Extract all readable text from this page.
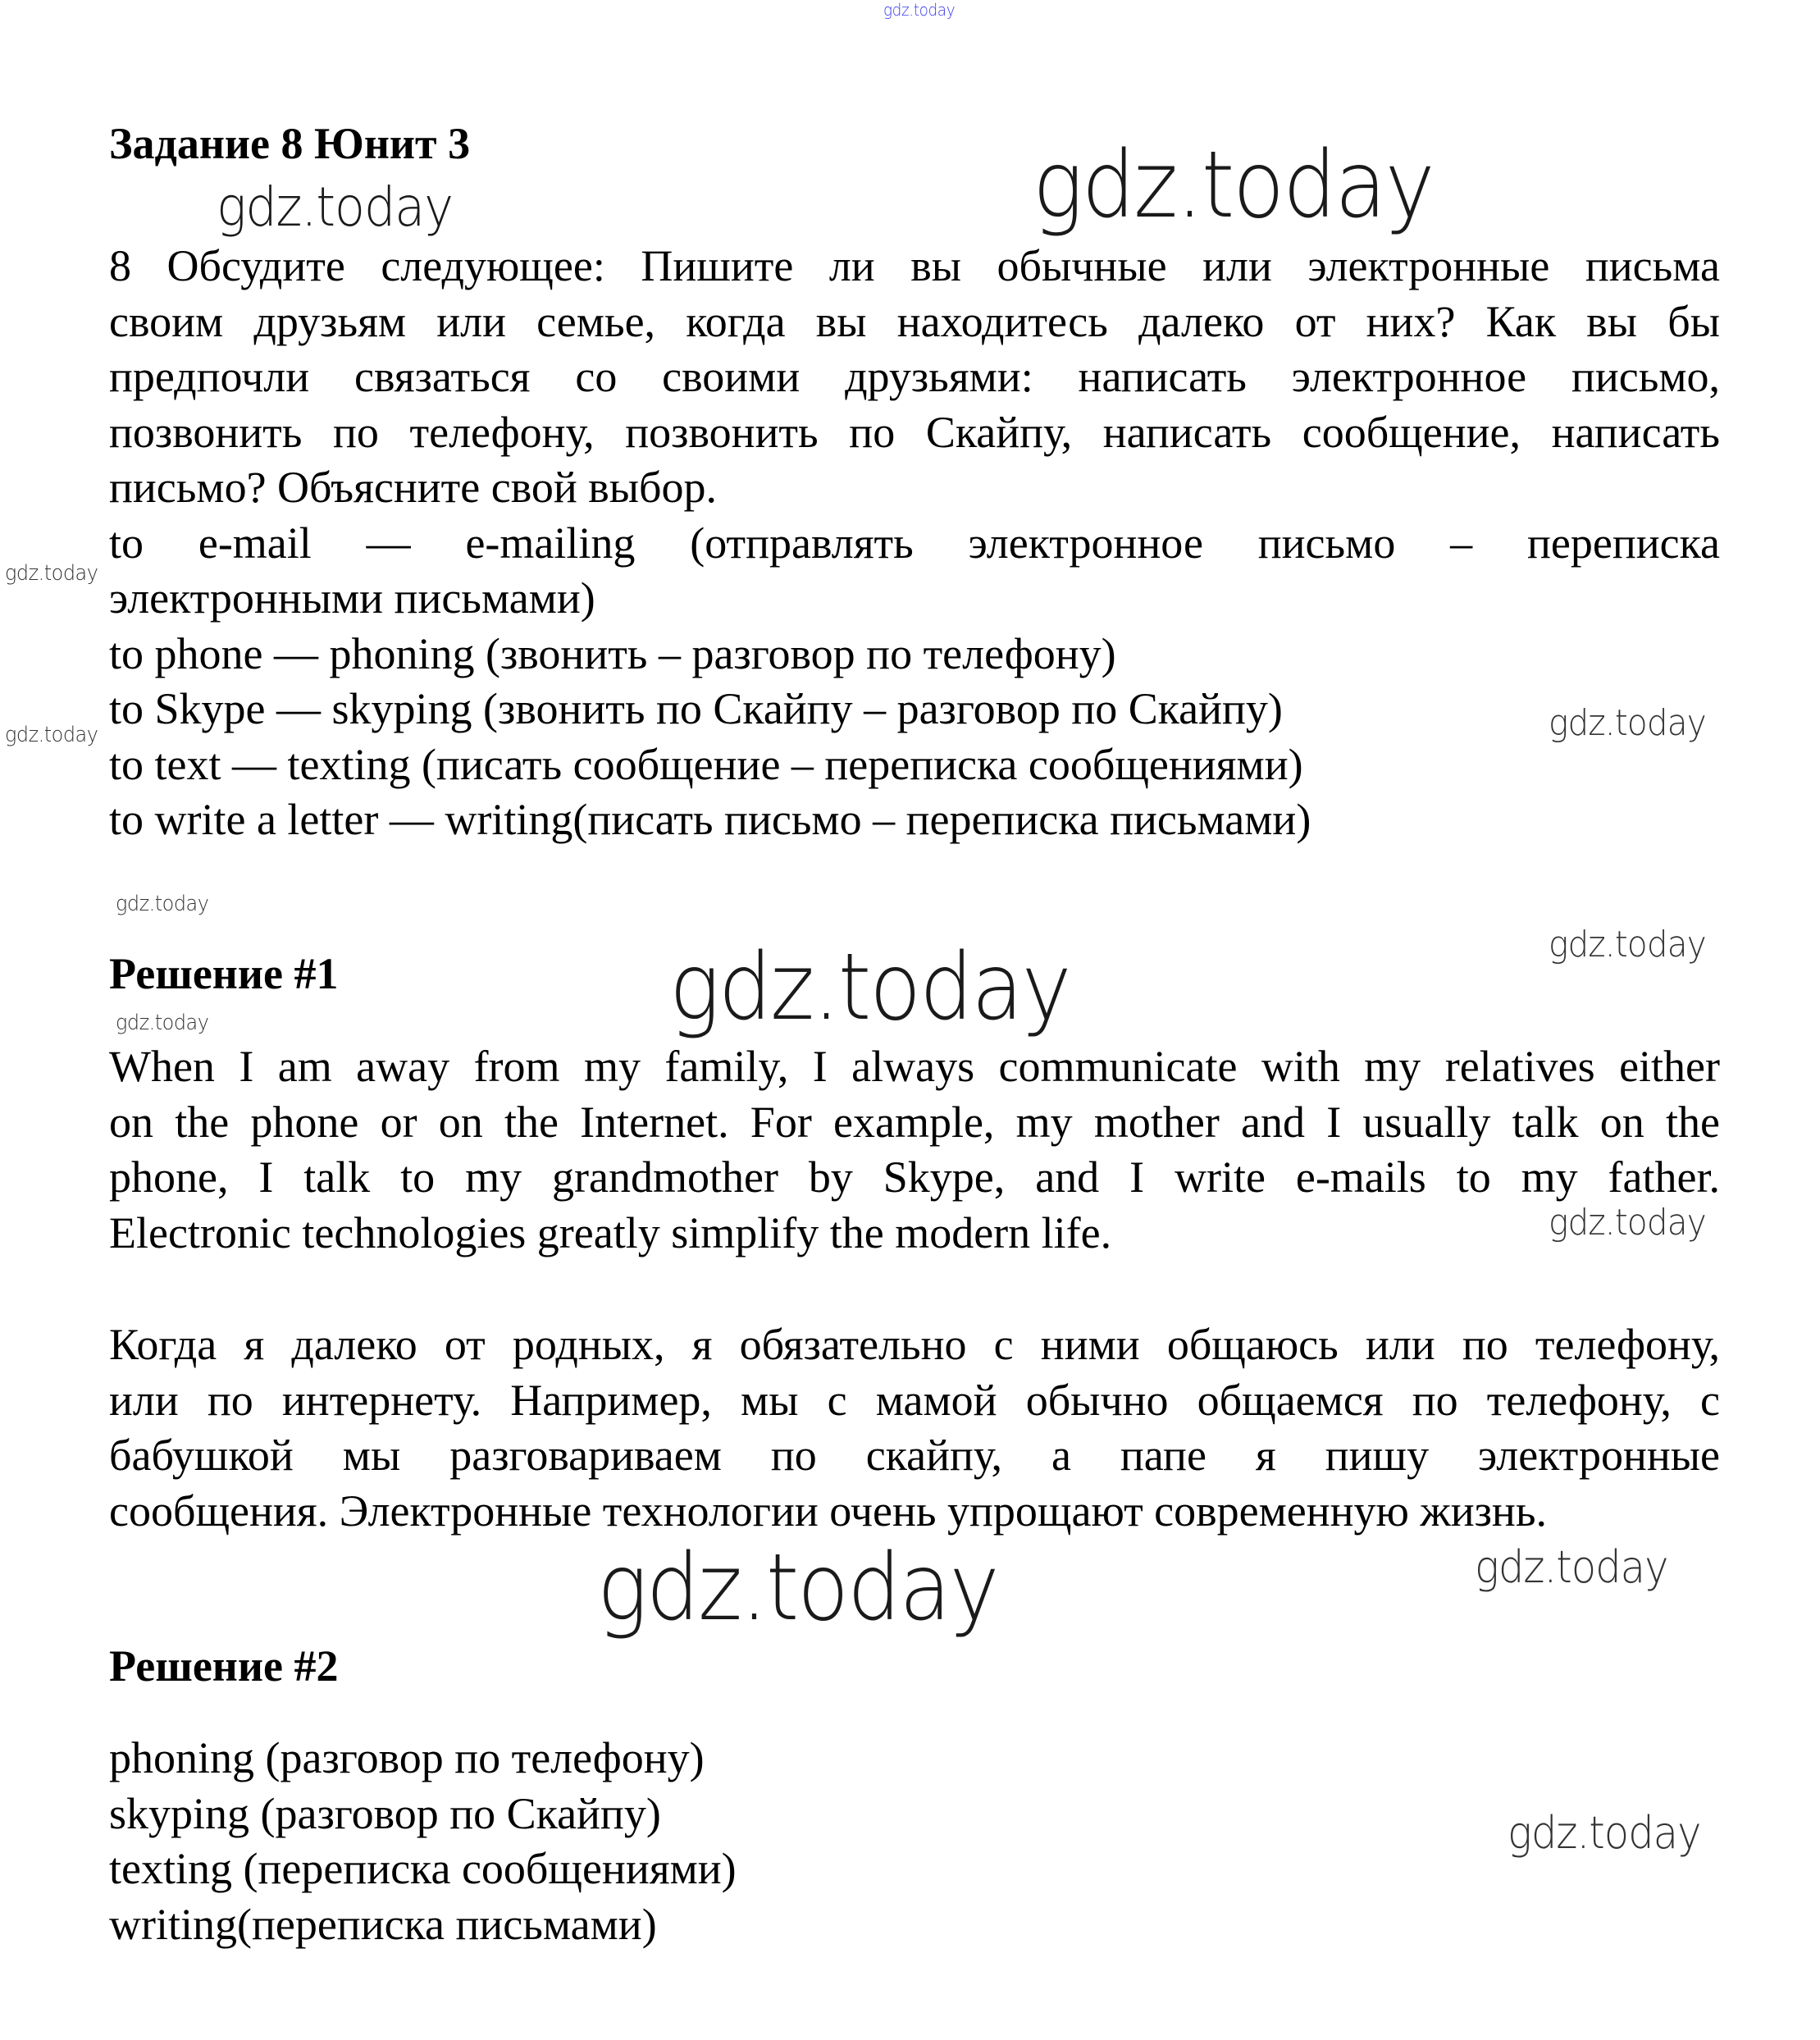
gdz.today
gdz.today	gdz.today
gdz.today
gdz.today
gdz.today
gdz.today
gdz.today
gdz.today
gdz.today
gdz.today
gdz.today	gdz.today
gdz.today
Задание 8 Юнит 3
8 Обсудите следующее: Пишите ли вы обычные или электронные письма
своим друзьям или семье, когда вы находитесь далеко от них? Как вы бы
предпочли связаться со своими друзьями: написать электронное письмо,
позвонить по телефону, позвонить по Скайпу, написать сообщение, написать
письмо? Объясните свой выбор.
to e-mail — e-mailing (отправлять электронное письмо – переписка
электронными письмами)
to phone — phoning (звонить – разговор по телефону)
to Skype — skyping (звонить по Скайпу – разговор по Скайпу)
to text — texting (писать сообщение – переписка сообщениями)
to write a letter — writing(писать письмо – переписка письмами)
Решение #1
When I am away from my family, I always communicate with my relatives either
on the phone or on the Internet. For example, my mother and I usually talk on the
phone, I talk to my grandmother by Skype, and I write e-mails to my father.
Electronic technologies greatly simplify the modern life.
Когда я далеко от родных, я обязательно с ними общаюсь или по телефону,
или по интернету. Например, мы с мамой обычно общаемся по телефону, с
бабушкой мы разговариваем по скайпу, а папе я пишу электронные
сообщения. Электронные технологии очень упрощают современную жизнь.
Решение #2
phoning (разговор по телефону)
skyping (разговор по Скайпу)
texting (переписка сообщениями)
writing(переписка письмами)
